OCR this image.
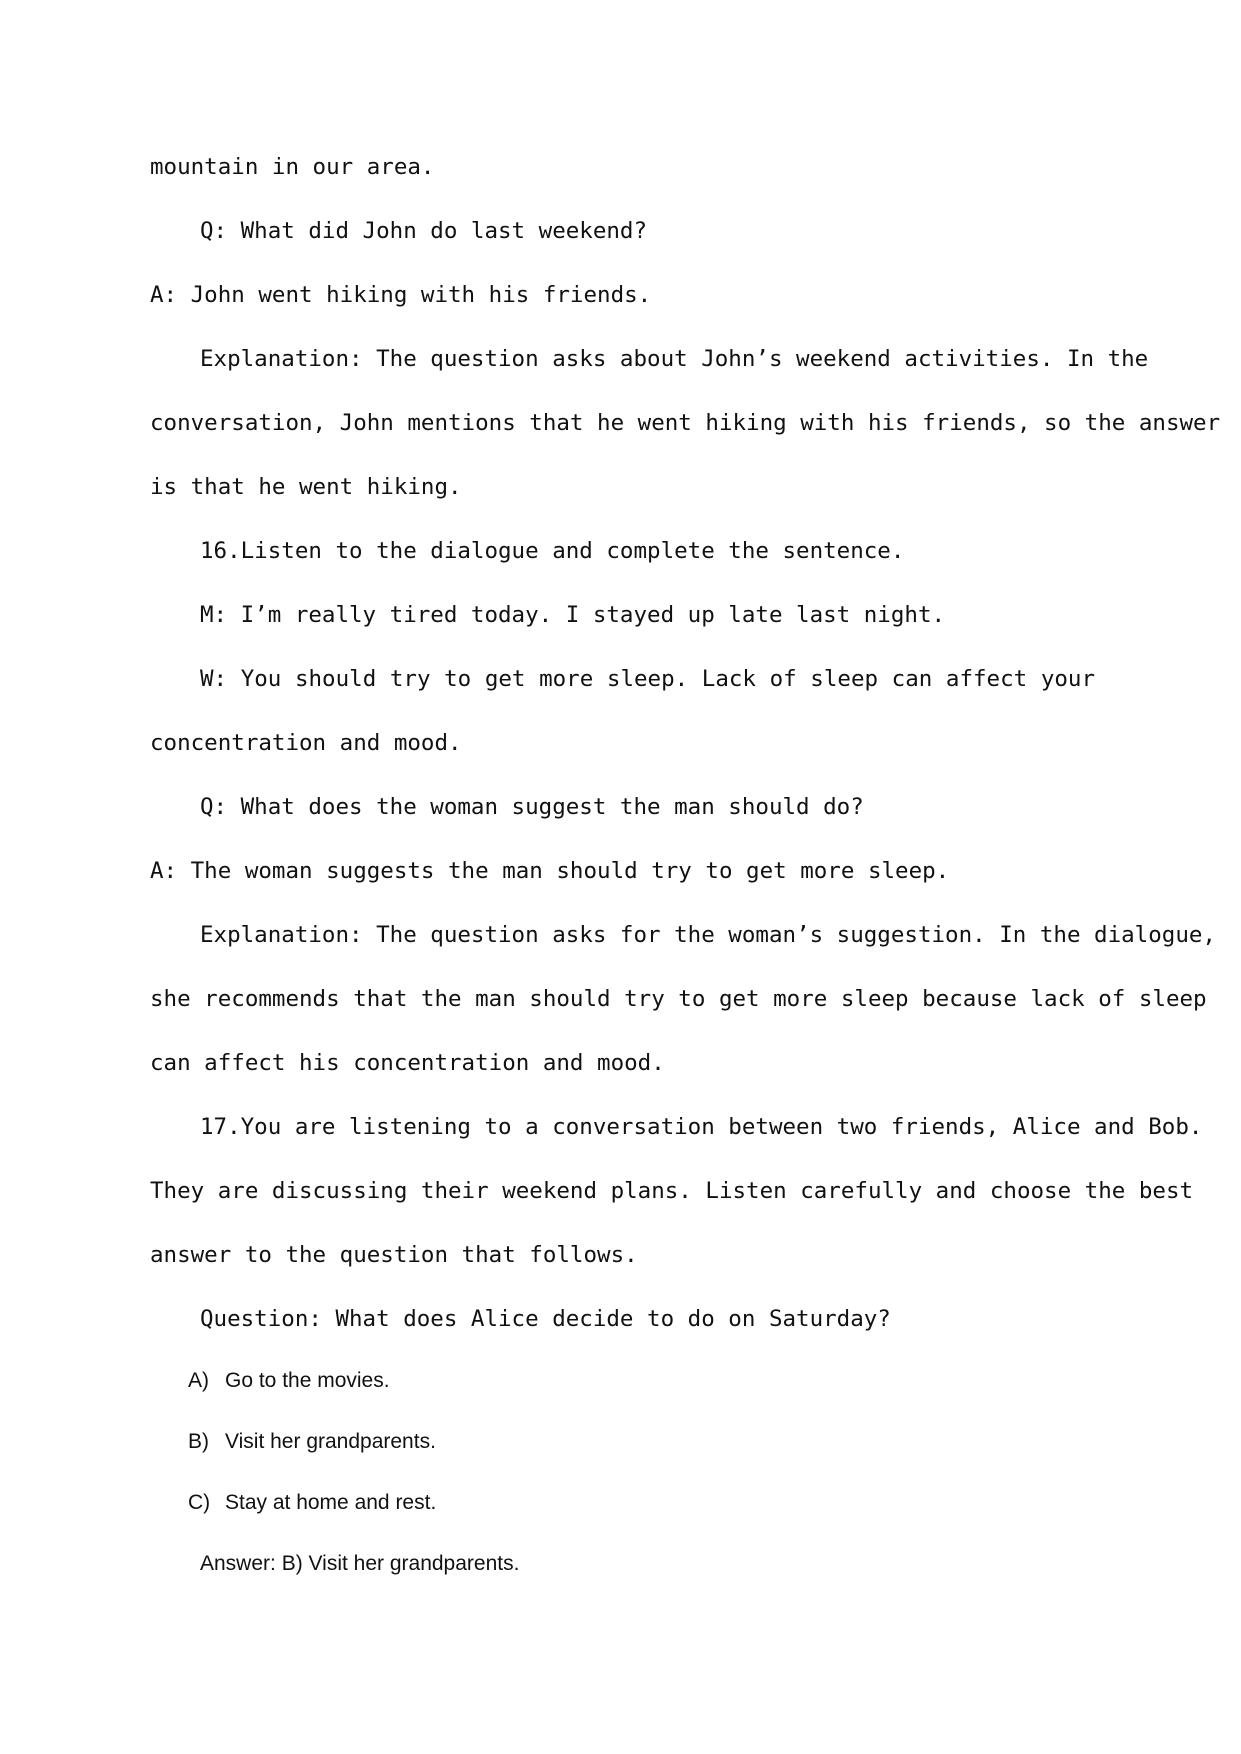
mountain in our area.
Q: What did John do last weekend?
A: John went hiking with his friends.
Explanation: The question asks about John’s weekend activities. In the
conversation, John mentions that he went hiking with his friends, so the answer
is that he went hiking.
16.Listen to the dialogue and complete the sentence.
M: I’m really tired today. I stayed up late last night.
W: You should try to get more sleep. Lack of sleep can affect your
concentration and mood.
Q: What does the woman suggest the man should do?
A: The woman suggests the man should try to get more sleep.
Explanation: The question asks for the woman’s suggestion. In the dialogue,
she recommends that the man should try to get more sleep because lack of sleep
can affect his concentration and mood.
17.You are listening to a conversation between two friends, Alice and Bob.
They are discussing their weekend plans. Listen carefully and choose the best
answer to the question that follows.
Question: What does Alice decide to do on Saturday?
A) Go to the movies.
B) Visit her grandparents.
C) Stay at home and rest.
Answer: B) Visit her grandparents.
